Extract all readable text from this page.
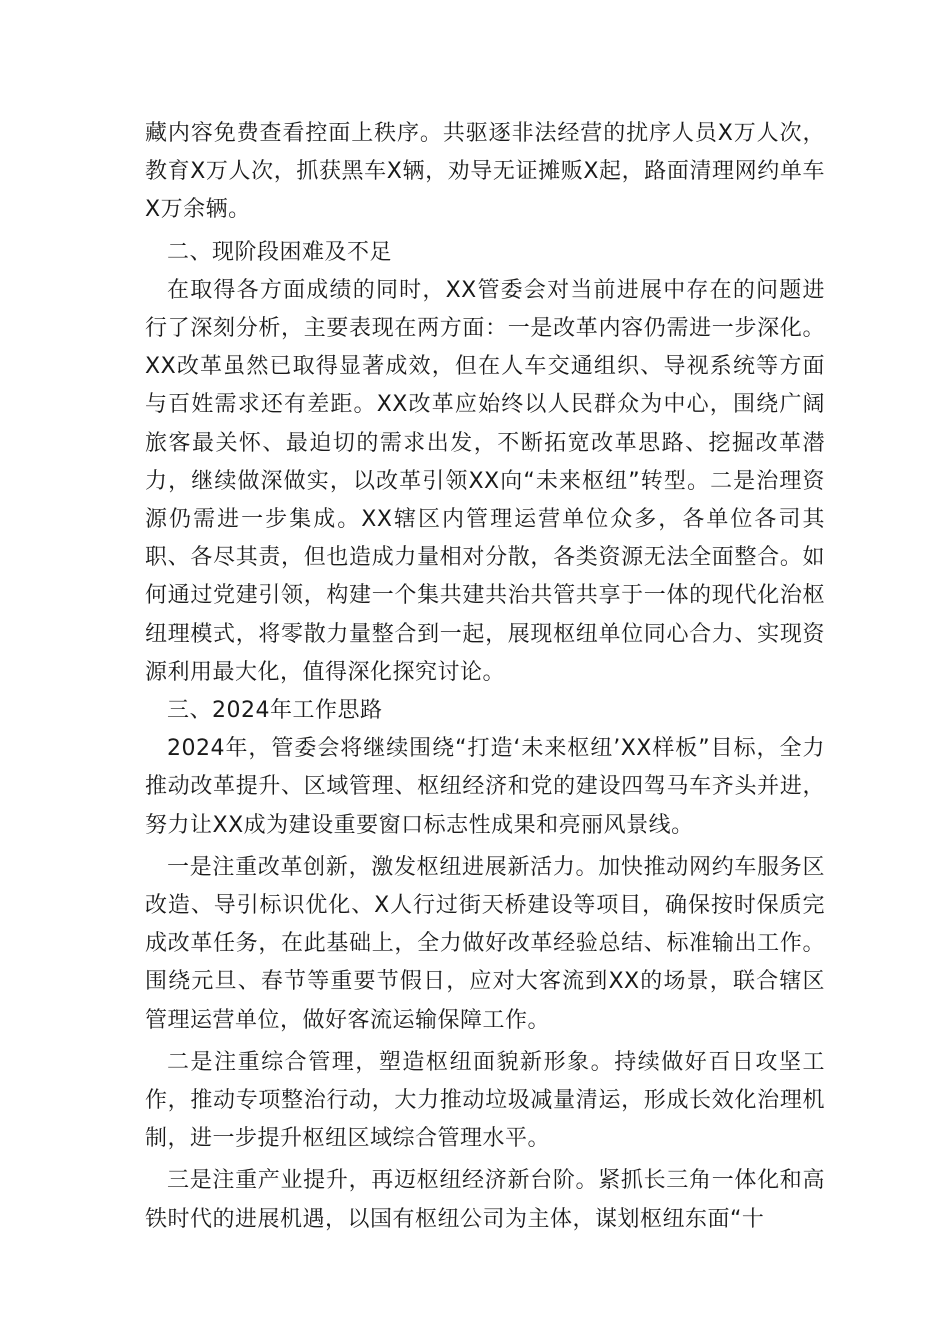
藏内容免费查看控面上秩序。共驱逐非法经营的扰序人员X万人次，教育X万人次，抓获黑车X辆，劝导无证摊贩X起，路面清理网约单车X万余辆。

二、现阶段困难及不足

在取得各方面成绩的同时，XX管委会对当前进展中存在的问题进行了深刻分析，主要表现在两方面：一是改革内容仍需进一步深化。XX改革虽然已取得显著成效，但在人车交通组织、导视系统等方面与百姓需求还有差距。XX改革应始终以人民群众为中心，围绕广阔旅客最关怀、最迫切的需求出发，不断拓宽改革思路、挖掘改革潜力，继续做深做实，以改革引领XX向“未来枢纽”转型。二是治理资源仍需进一步集成。XX辖区内管理运营单位众多，各单位各司其职、各尽其责，但也造成力量相对分散，各类资源无法全面整合。如何通过党建引领，构建一个集共建共治共管共享于一体的现代化治枢纽理模式，将零散力量整合到一起，展现枢纽单位同心合力、实现资源利用最大化，值得深化探究讨论。

三、2024年工作思路

2024年，管委会将继续围绕“打造‘未来枢纽’XX样板”目标，全力推动改革提升、区域管理、枢纽经济和党的建设四驾马车齐头并进，努力让XX成为建设重要窗口标志性成果和亮丽风景线。

一是注重改革创新，激发枢纽进展新活力。加快推动网约车服务区改造、导引标识优化、X人行过街天桥建设等项目，确保按时保质完成改革任务，在此基础上，全力做好改革经验总结、标准输出工作。围绕元旦、春节等重要节假日，应对大客流到XX的场景，联合辖区管理运营单位，做好客流运输保障工作。

二是注重综合管理，塑造枢纽面貌新形象。持续做好百日攻坚工作，推动专项整治行动，大力推动垃圾减量清运，形成长效化治理机制，进一步提升枢纽区域综合管理水平。

三是注重产业提升，再迈枢纽经济新台阶。紧抓长三角一体化和高铁时代的进展机遇，以国有枢纽公司为主体，谋划枢纽东面“十
